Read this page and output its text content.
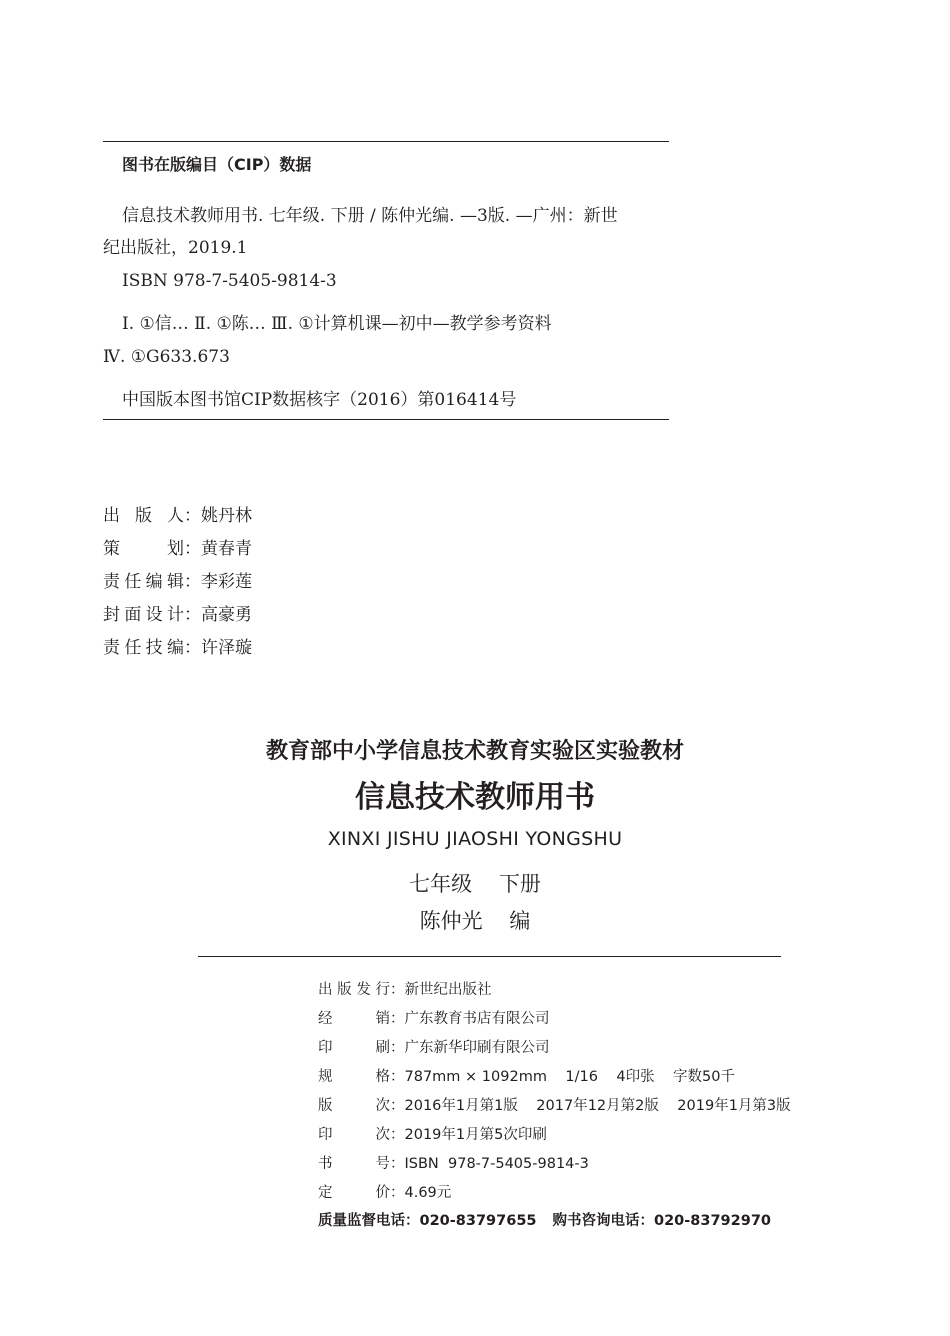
图书在版编目（CIP）数据
信息技术教师用书. 七年级. 下册 / 陈仲光编. —3版. —广州：新世
纪出版社，2019.1
ISBN 978-7-5405-9814-3
Ⅰ. ①信… Ⅱ. ①陈… Ⅲ. ①计算机课—初中—教学参考资料
Ⅳ. ①G633.673
中国版本图书馆CIP数据核字（2016）第016414号
出版人：姚丹林
策划：黄春青
责任编辑：李彩莲
封面设计：高豪勇
责任技编：许泽璇
教育部中小学信息技术教育实验区实验教材
信息技术教师用书
XINXI JISHU JIAOSHI YONGSHU
七年级    下册
陈仲光    编
出版发行：新世纪出版社
经销：广东教育书店有限公司
印刷：广东新华印刷有限公司
规格：787mm × 1092mm    1/16    4印张    字数50千
版次：2016年1月第1版    2017年12月第2版    2019年1月第3版
印次：2019年1月第5次印刷
书号：ISBN  978-7-5405-9814-3
定价：4.69元
质量监督电话：020-83797655 购书咨询电话：020-83792970
